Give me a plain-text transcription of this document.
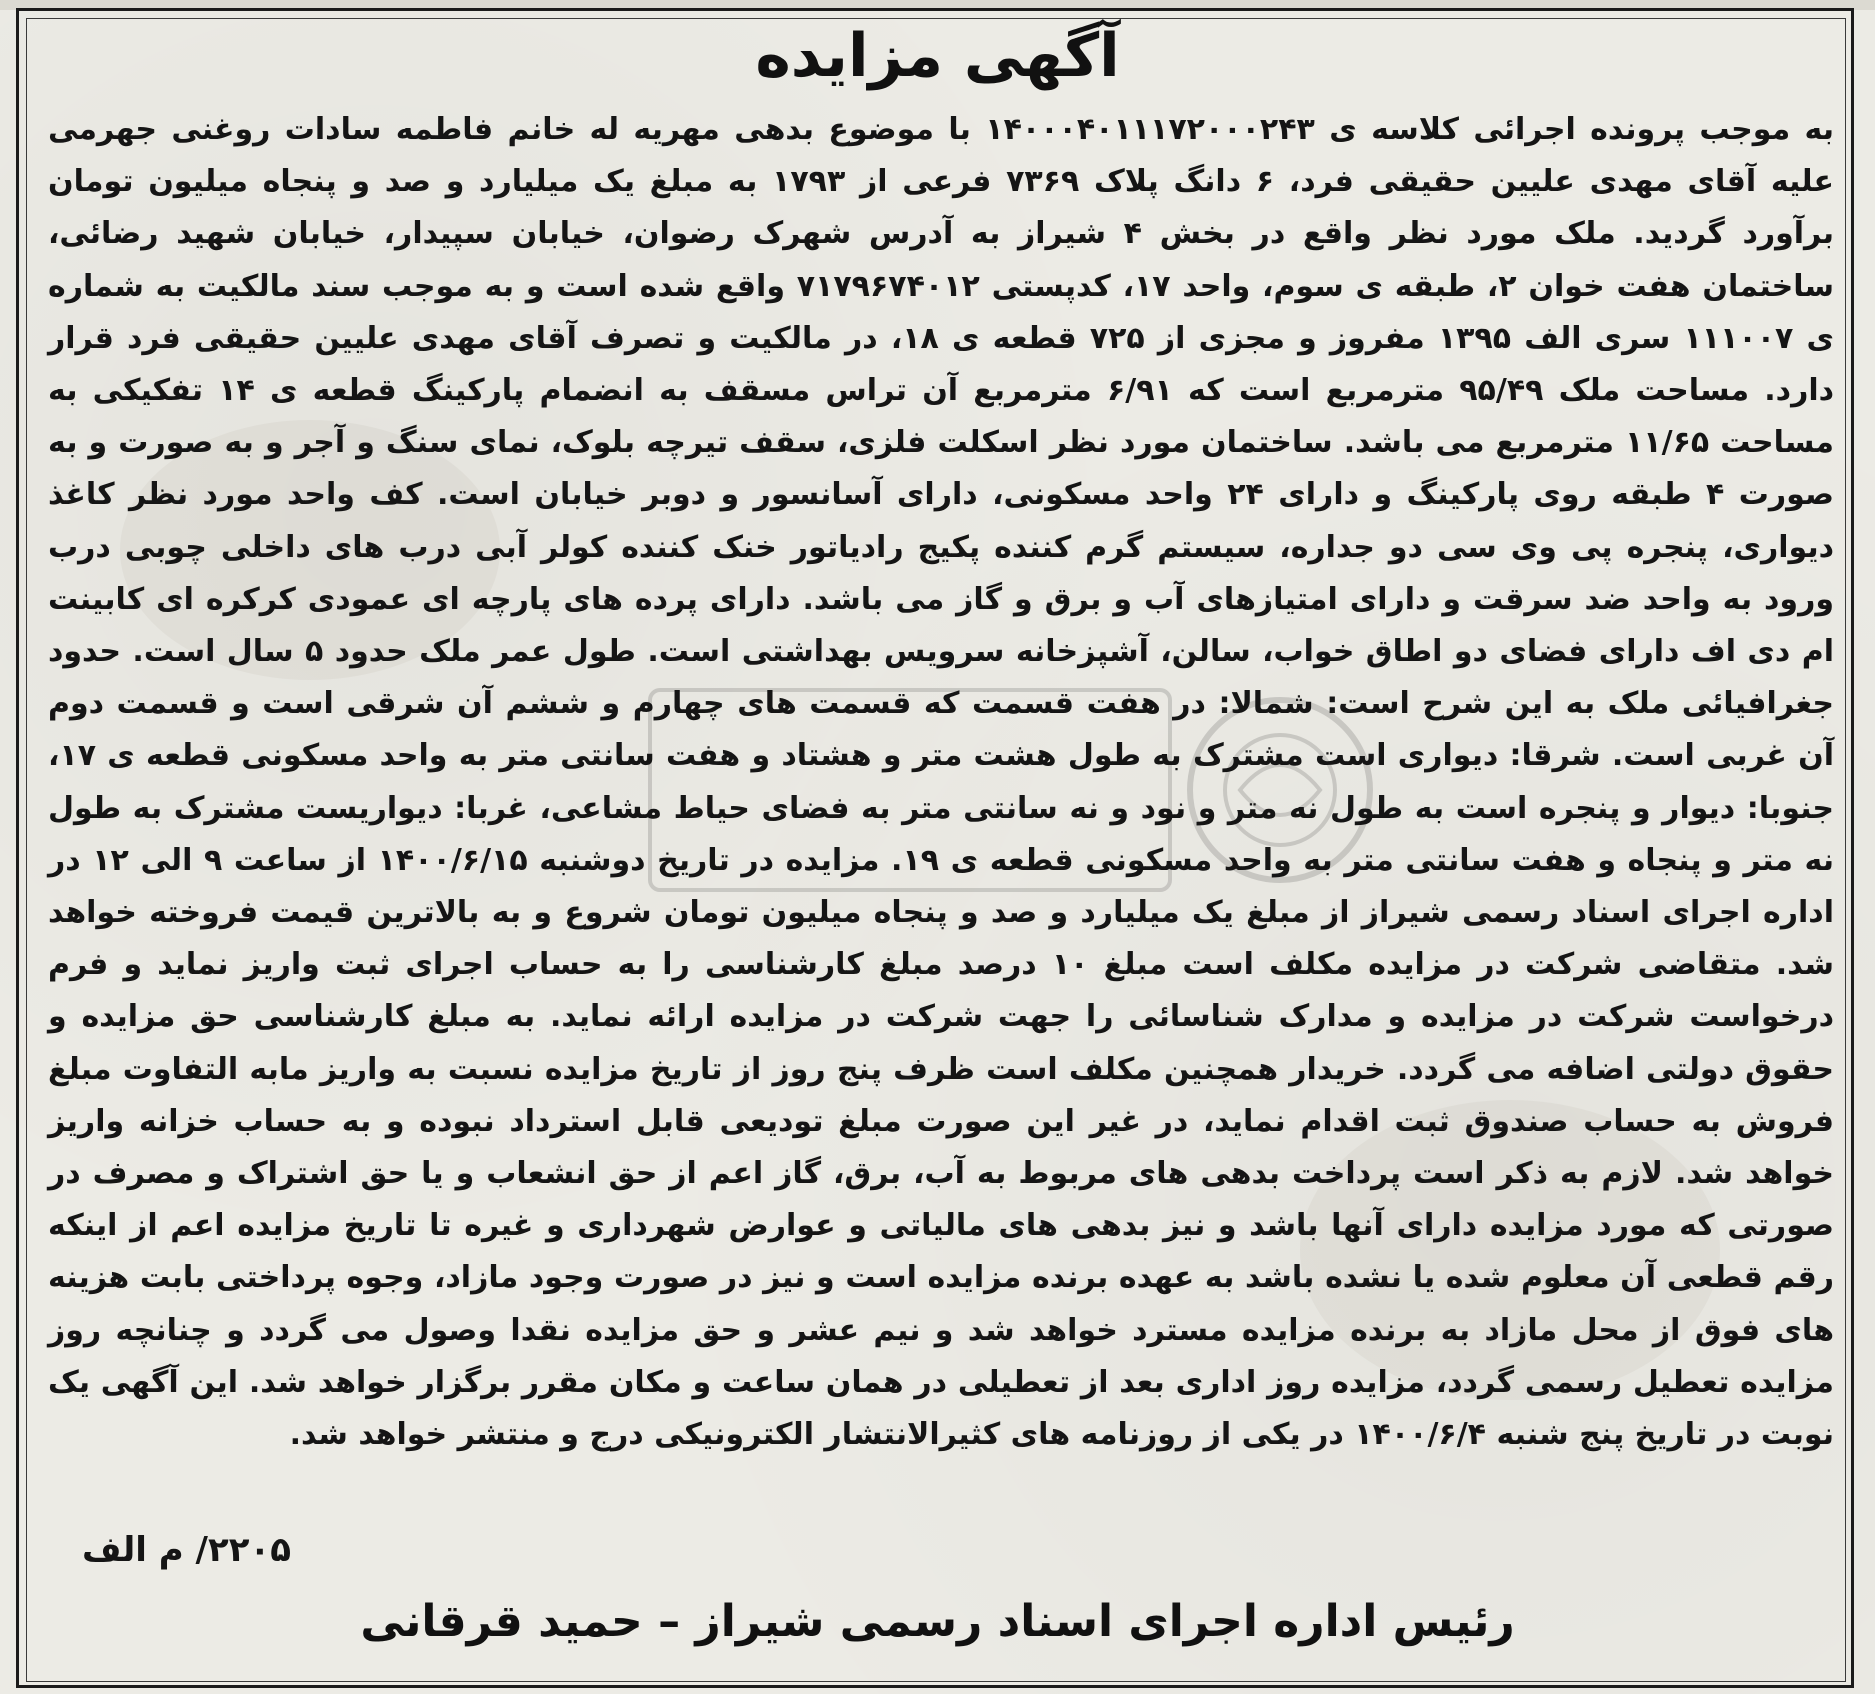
آگهی مزایده
به موجب پرونده اجرائی کلاسه ی ۱۴۰۰۰۴۰۱۱۱۷۲۰۰۰۲۴۳ با موضوع بدهی مهریه له خانم فاطمه سادات روغنی جهرمی علیه آقای مهدی علیین حقیقی فرد، ۶ دانگ پلاک ۷۳۶۹ فرعی از ۱۷۹۳ به مبلغ یک میلیارد و صد و پنجاه میلیون تومان برآورد گردید. ملک مورد نظر واقع در بخش ۴ شیراز به آدرس شهرک رضوان، خیابان سپیدار، خیابان شهید رضائی، ساختمان هفت خوان ۲، طبقه ی سوم، واحد ۱۷، کدپستی ۷۱۷۹۶۷۴۰۱۲ واقع شده است و به موجب سند مالکیت به شماره ی ۱۱۱۰۰۷ سری الف ۱۳۹۵ مفروز و مجزی از ۷۲۵ قطعه ی ۱۸، در مالکیت و تصرف آقای مهدی علیین حقیقی فرد قرار دارد. مساحت ملک ۹۵/۴۹ مترمربع است که ۶/۹۱ مترمربع آن تراس مسقف به انضمام پارکینگ قطعه ی ۱۴ تفکیکی به مساحت ۱۱/۶۵ مترمربع می باشد. ساختمان مورد نظر اسکلت فلزی، سقف تیرچه بلوک، نمای سنگ و آجر و به صورت و به صورت ۴ طبقه روی پارکینگ و دارای ۲۴ واحد مسکونی، دارای آسانسور و دوبر خیابان است. کف واحد مورد نظر کاغذ دیواری، پنجره پی وی سی دو جداره، سیستم گرم کننده پکیج رادیاتور خنک کننده کولر آبی درب های داخلی چوبی درب ورود به واحد ضد سرقت و دارای امتیازهای آب و برق و گاز می باشد. دارای پرده های پارچه ای عمودی کرکره ای کابینت ام دی اف دارای فضای دو اطاق خواب، سالن، آشپزخانه سرویس بهداشتی است. طول عمر ملک حدود ۵ سال است. حدود جغرافیائی ملک به این شرح است: شمالا: در هفت قسمت که قسمت های چهارم و ششم آن شرقی است و قسمت دوم آن غربی است. شرقا: دیواری است مشترک به طول هشت متر و هشتاد و هفت سانتی متر به واحد مسکونی قطعه ی ۱۷، جنوبا: دیوار و پنجره است به طول نه متر و نود و نه سانتی متر به فضای حیاط مشاعی، غربا: دیواریست مشترک به طول نه متر و پنجاه و هفت سانتی متر به واحد مسکونی قطعه ی ۱۹. مزایده در تاریخ دوشنبه ۱۴۰۰/۶/۱۵ از ساعت ۹ الی ۱۲ در اداره اجرای اسناد رسمی شیراز از مبلغ یک میلیارد و صد و پنجاه میلیون تومان شروع و به بالاترین قیمت فروخته خواهد شد. متقاضی شرکت در مزایده مکلف است مبلغ ۱۰ درصد مبلغ کارشناسی را به حساب اجرای ثبت واریز نماید و فرم درخواست شرکت در مزایده و مدارک شناسائی را جهت شرکت در مزایده ارائه نماید. به مبلغ کارشناسی حق مزایده و حقوق دولتی اضافه می گردد. خریدار همچنین مکلف است ظرف پنج روز از تاریخ مزایده نسبت به واریز مابه التفاوت مبلغ فروش به حساب صندوق ثبت اقدام نماید، در غیر این صورت مبلغ تودیعی قابل استرداد نبوده و به حساب خزانه واریز خواهد شد. لازم به ذکر است پرداخت بدهی های مربوط به آب، برق، گاز اعم از حق انشعاب و یا حق اشتراک و مصرف در صورتی که مورد مزایده دارای آنها باشد و نیز بدهی های مالیاتی و عوارض شهرداری و غیره تا تاریخ مزایده اعم از اینکه رقم قطعی آن معلوم شده یا نشده باشد به عهده برنده مزایده است و نیز در صورت وجود مازاد، وجوه پرداختی بابت هزینه های فوق از محل مازاد به برنده مزایده مسترد خواهد شد و نیم عشر و حق مزایده نقدا وصول می گردد و چنانچه روز مزایده تعطیل رسمی گردد، مزایده روز اداری بعد از تعطیلی در همان ساعت و مکان مقرر برگزار خواهد شد. این آگهی یک نوبت در تاریخ پنج شنبه ۱۴۰۰/۶/۴ در یکی از روزنامه های کثیرالانتشار الکترونیکی درج و منتشر خواهد شد.
۲۲۰۵/ م الف
رئیس اداره اجرای اسناد رسمی شیراز – حمید قرقانی
